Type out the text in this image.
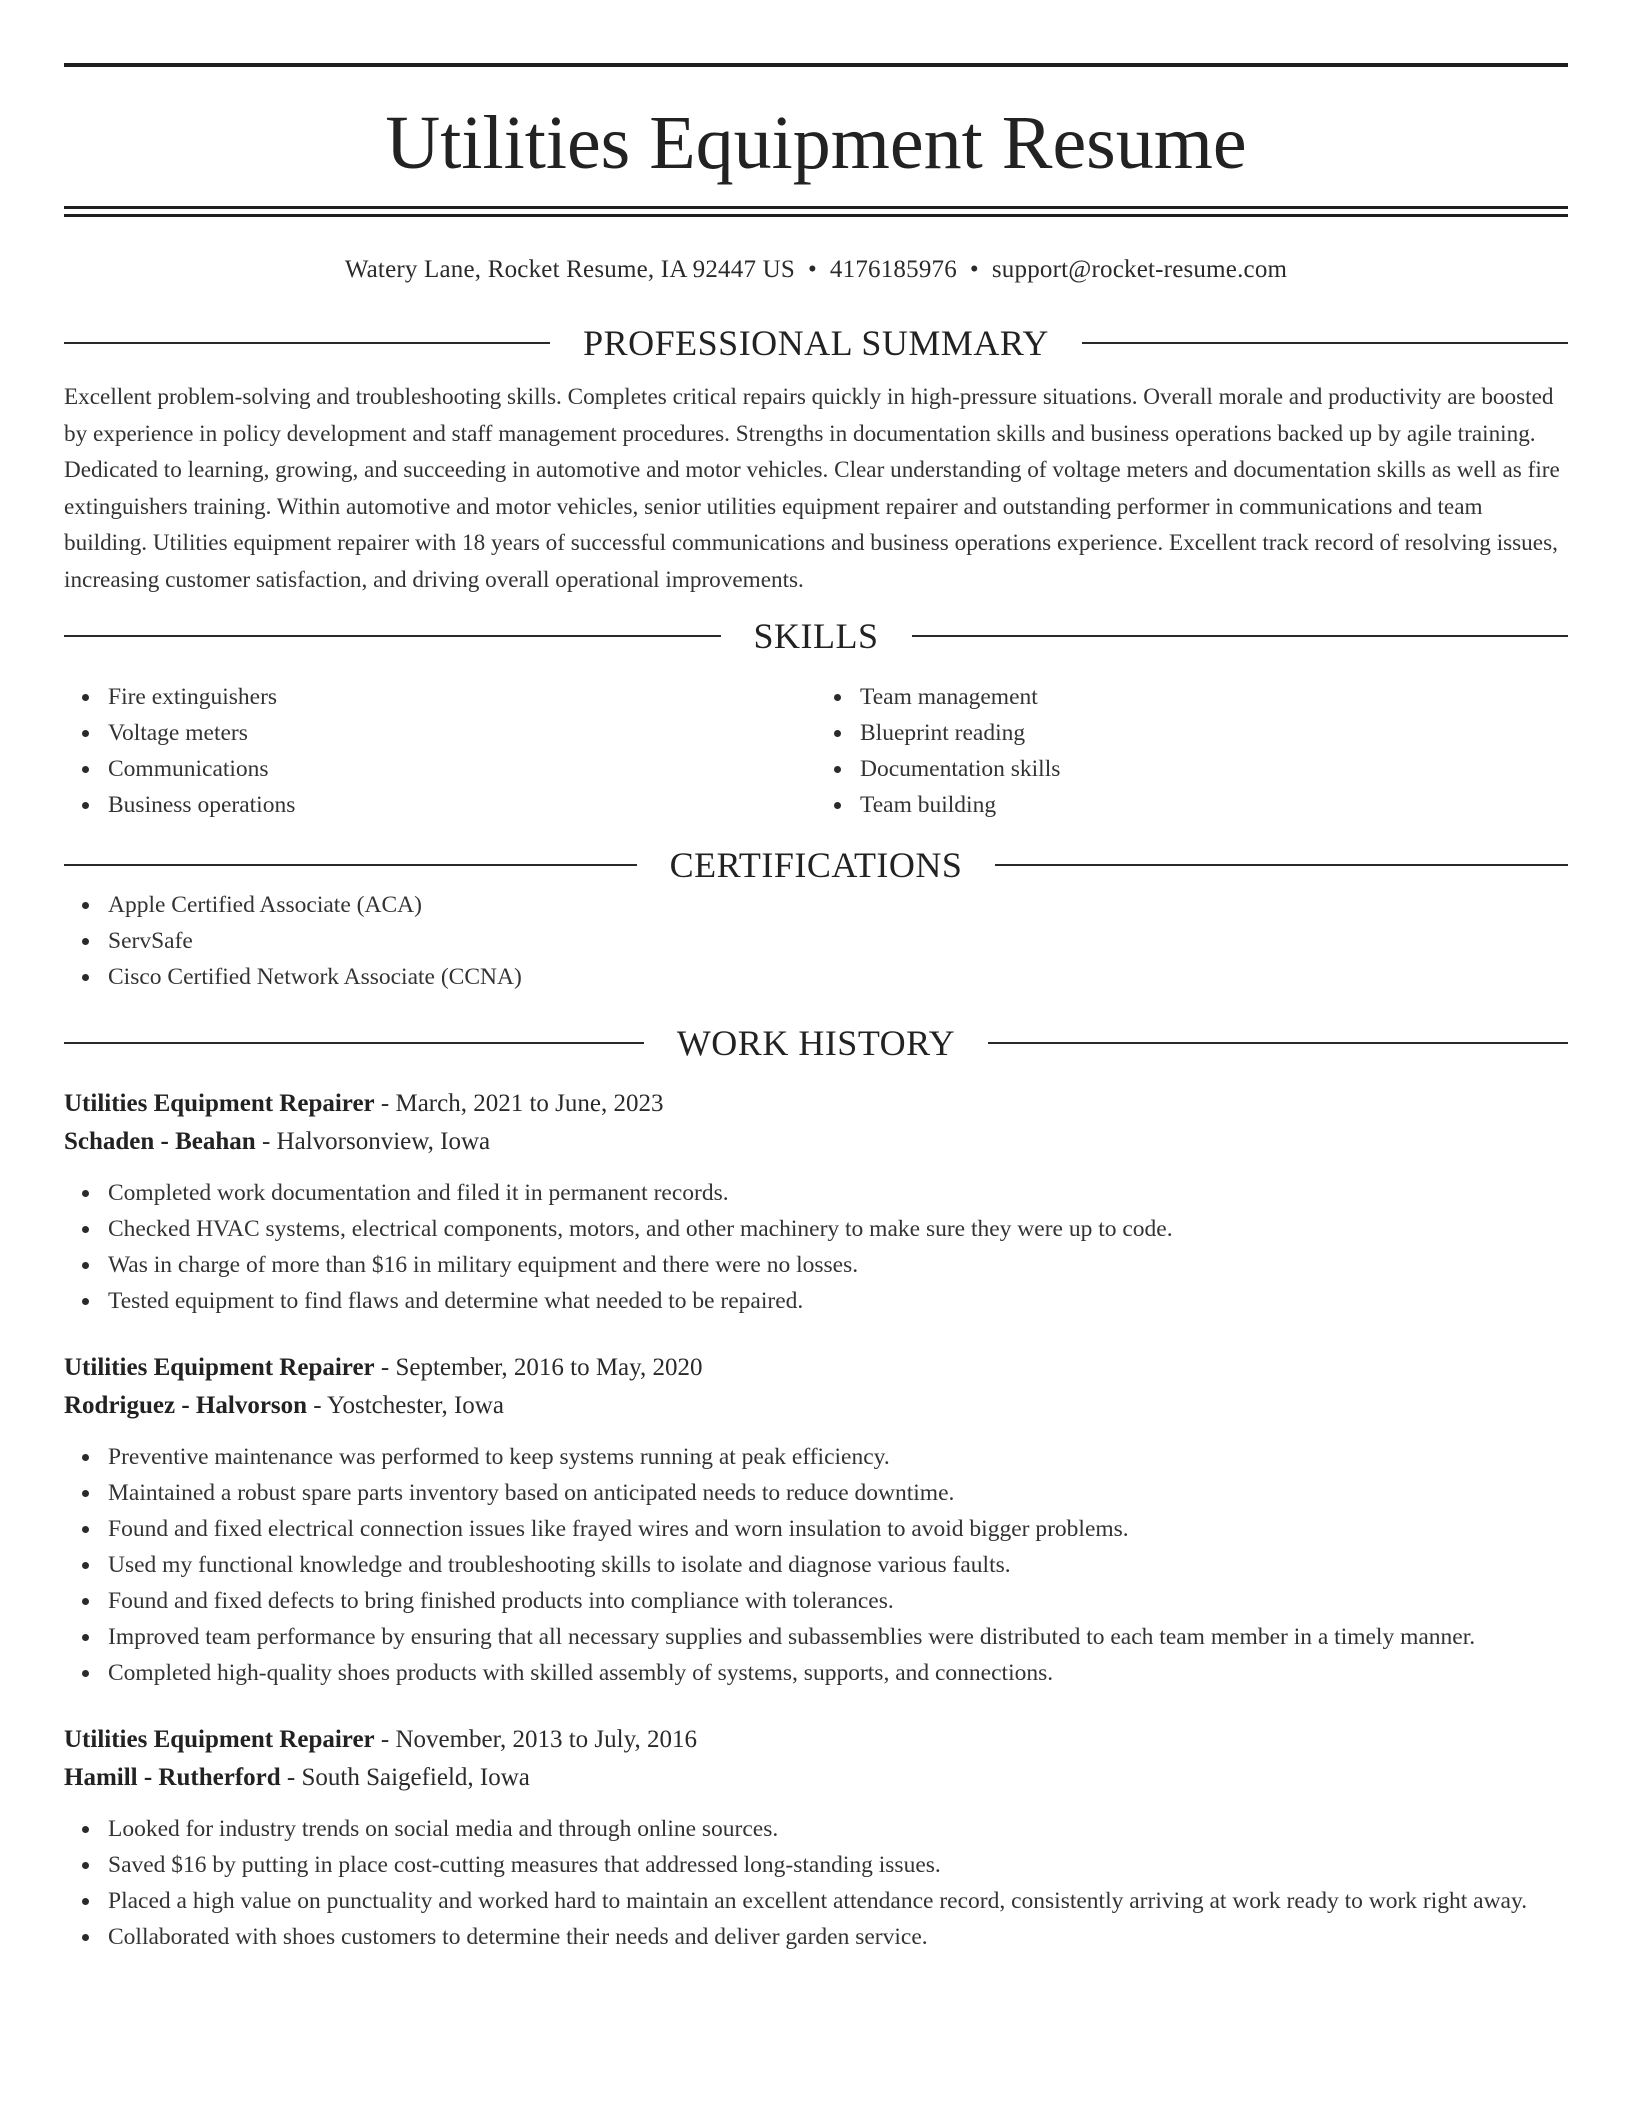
Utilities Equipment Resume
Watery Lane, Rocket Resume, IA 92447 US • 4176185976 • support@rocket-resume.com
PROFESSIONAL SUMMARY

Excellent problem-solving and troubleshooting skills. Completes critical repairs quickly in high-pressure situations. Overall morale and productivity are boosted by experience in policy development and staff management procedures. Strengths in documentation skills and business operations backed up by agile training. Dedicated to learning, growing, and succeeding in automotive and motor vehicles. Clear understanding of voltage meters and documentation skills as well as fire extinguishers training. Within automotive and motor vehicles, senior utilities equipment repairer and outstanding performer in communications and team building. Utilities equipment repairer with 18 years of successful communications and business operations experience. Excellent track record of resolving issues, increasing customer satisfaction, and driving overall operational improvements.

SKILLS
Fire extinguishers
Voltage meters
Communications
Business operations
Team management
Blueprint reading
Documentation skills
Team building
CERTIFICATIONS
Apple Certified Associate (ACA)
ServSafe
Cisco Certified Network Associate (CCNA)
WORK HISTORY
Utilities Equipment Repairer - March, 2021 to June, 2023
Schaden - Beahan - Halvorsonview, Iowa
Completed work documentation and filed it in permanent records.
Checked HVAC systems, electrical components, motors, and other machinery to make sure they were up to code.
Was in charge of more than $16 in military equipment and there were no losses.
Tested equipment to find flaws and determine what needed to be repaired.
Utilities Equipment Repairer - September, 2016 to May, 2020
Rodriguez - Halvorson - Yostchester, Iowa
Preventive maintenance was performed to keep systems running at peak efficiency.
Maintained a robust spare parts inventory based on anticipated needs to reduce downtime.
Found and fixed electrical connection issues like frayed wires and worn insulation to avoid bigger problems.
Used my functional knowledge and troubleshooting skills to isolate and diagnose various faults.
Found and fixed defects to bring finished products into compliance with tolerances.
Improved team performance by ensuring that all necessary supplies and subassemblies were distributed to each team member in a timely manner.
Completed high-quality shoes products with skilled assembly of systems, supports, and connections.
Utilities Equipment Repairer - November, 2013 to July, 2016
Hamill - Rutherford - South Saigefield, Iowa
Looked for industry trends on social media and through online sources.
Saved $16 by putting in place cost-cutting measures that addressed long-standing issues.
Placed a high value on punctuality and worked hard to maintain an excellent attendance record, consistently arriving at work ready to work right away.
Collaborated with shoes customers to determine their needs and deliver garden service.
